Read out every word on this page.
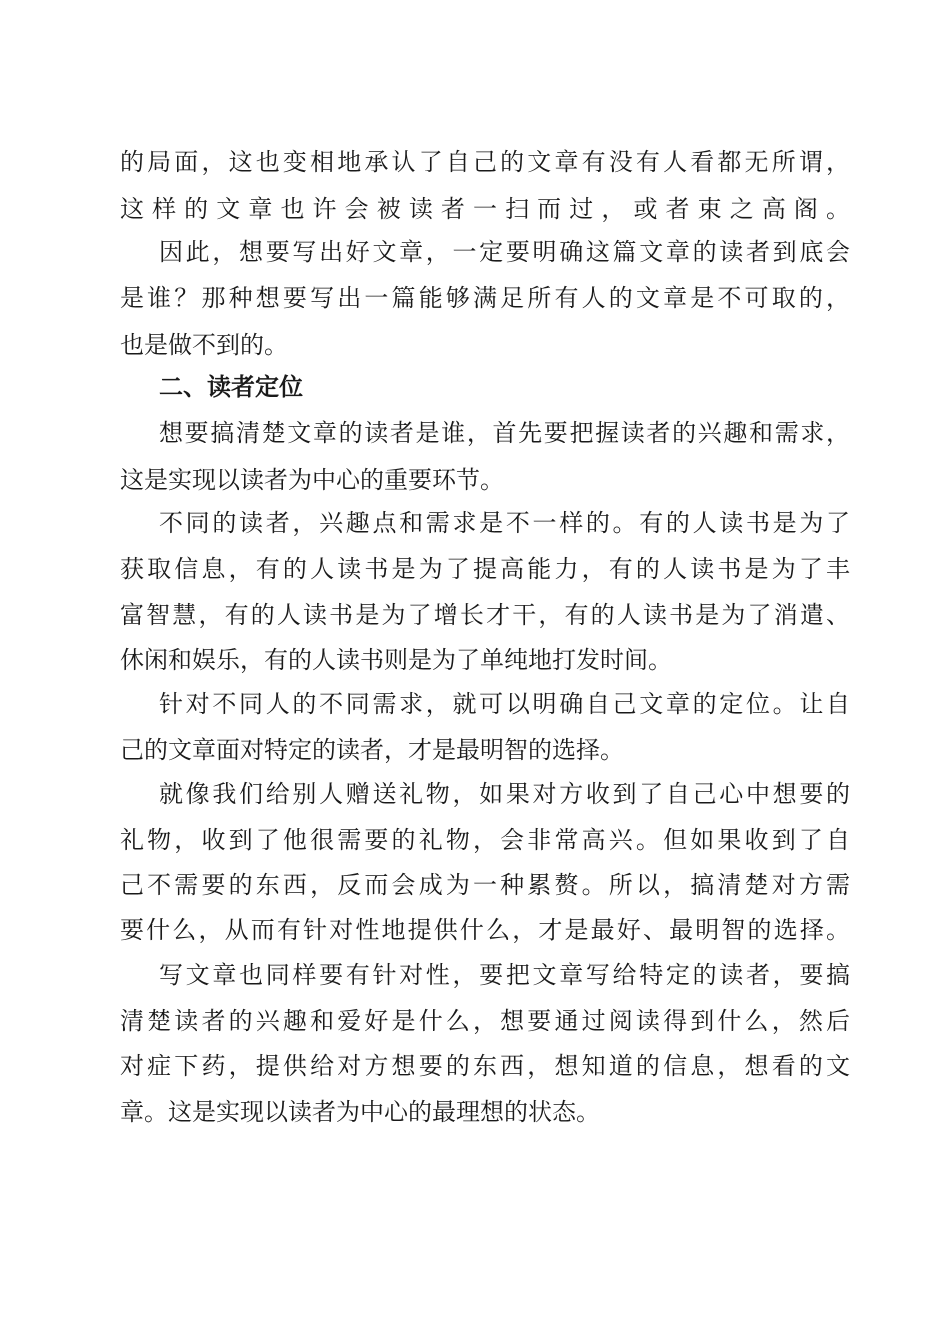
的局面，这也变相地承认了自己的文章有没有人看都无所谓，
这样的文章也许会被读者一扫而过，或者束之高阁。
因此，想要写出好文章，一定要明确这篇文章的读者到底会
是谁？那种想要写出一篇能够满足所有人的文章是不可取的，
也是做不到的。
二、读者定位
想要搞清楚文章的读者是谁，首先要把握读者的兴趣和需求，
这是实现以读者为中心的重要环节。
不同的读者，兴趣点和需求是不一样的。有的人读书是为了
获取信息，有的人读书是为了提高能力，有的人读书是为了丰
富智慧，有的人读书是为了增长才干，有的人读书是为了消遣、
休闲和娱乐，有的人读书则是为了单纯地打发时间。
针对不同人的不同需求，就可以明确自己文章的定位。让自
己的文章面对特定的读者，才是最明智的选择。
就像我们给别人赠送礼物，如果对方收到了自己心中想要的
礼物，收到了他很需要的礼物，会非常高兴。但如果收到了自
己不需要的东西，反而会成为一种累赘。所以，搞清楚对方需
要什么，从而有针对性地提供什么，才是最好、最明智的选择。
写文章也同样要有针对性，要把文章写给特定的读者，要搞
清楚读者的兴趣和爱好是什么，想要通过阅读得到什么，然后
对症下药，提供给对方想要的东西，想知道的信息，想看的文
章。这是实现以读者为中心的最理想的状态。
